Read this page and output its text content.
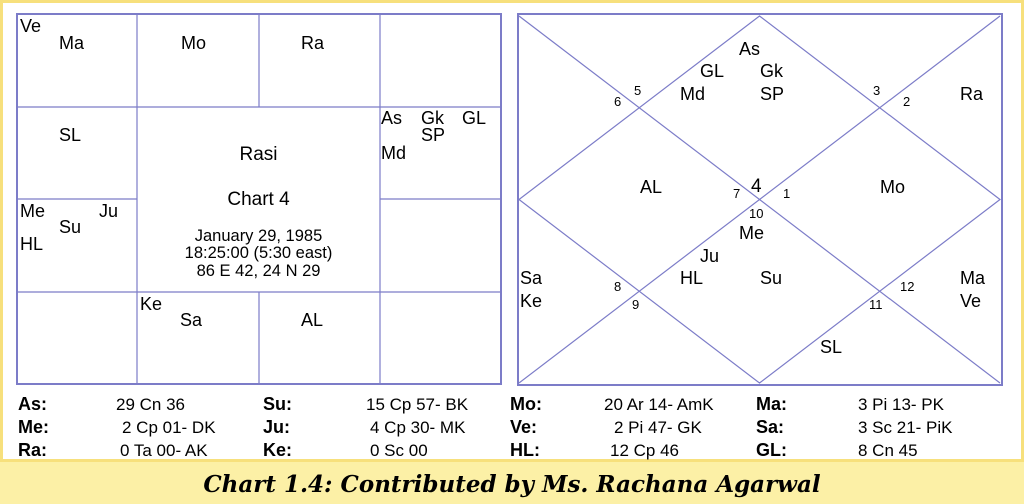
Ve
Ma	Mo	Ra
As Gk GL
SP
Md
SL
Me	Ju
Su
HL
Ke
Sa	AL
Rasi
Chart 4
January 29, 1985
18:25:00 (5:30 east)
86 E 42, 24 N 29
As
GL Gk
Md	SP	Ra
AL	Mo
Me
Ju
HL	Su
Sa
Ke
Ma
Ve
SL
6
5	3
2
7 4 1
10
8
9	11
12
As:	29 Cn 36	Su:	15 Cp 57- BK Mo:	20 Ar 14- AmK Ma:	3 Pi 13- PK
Me:	2 Cp 01- DK	Ju:	4 Cp 30- MK Ve:	2 Pi 47- GK	Sa:	3 Sc 21- PiK
Ra:	0 Ta 00- AK	Ke:	0 Sc 00	HL:	12 Cp 46	GL:	8 Cn 45
Chart 1.4: Contributed by Ms. Rachana Agarwal
